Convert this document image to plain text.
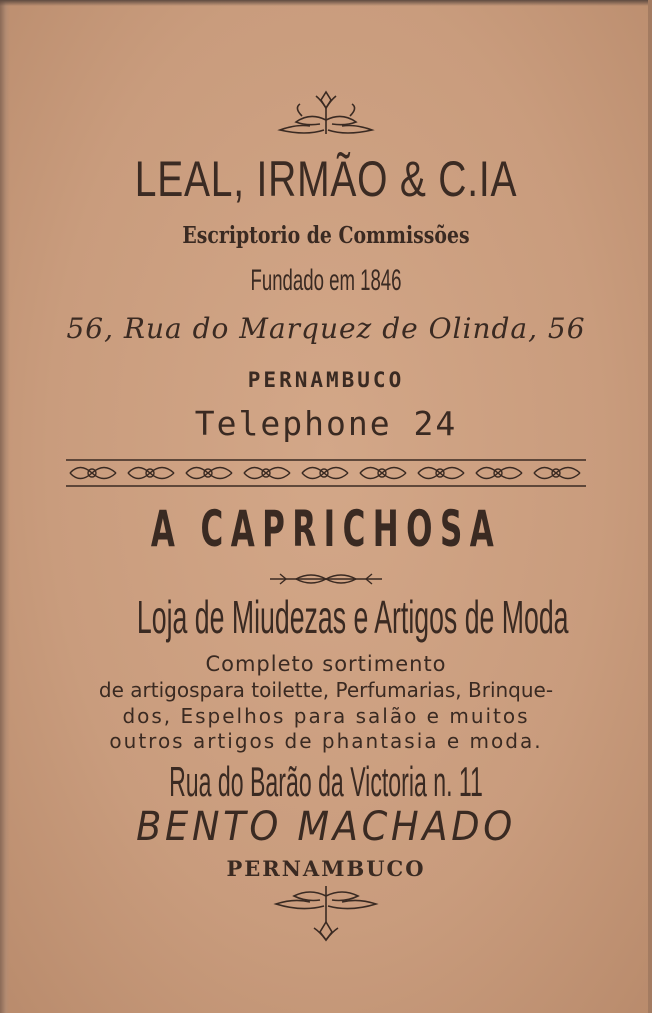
LEAL, IRMÃO & C.IA
Escriptorio de Commissões
Fundado em 1846
56, Rua do Marquez de Olinda, 56
PERNAMBUCO
Telephone 24
A CAPRICHOSA
Loja de Miudezas e Artigos de Moda
Completo sortimento
de artigospara toilette, Perfumarias, Brinque-
dos, Espelhos para salão e muitos
outros artigos de phantasia e moda.
Rua do Barão da Victoria n. 11
BENTO MACHADO
PERNAMBUCO
